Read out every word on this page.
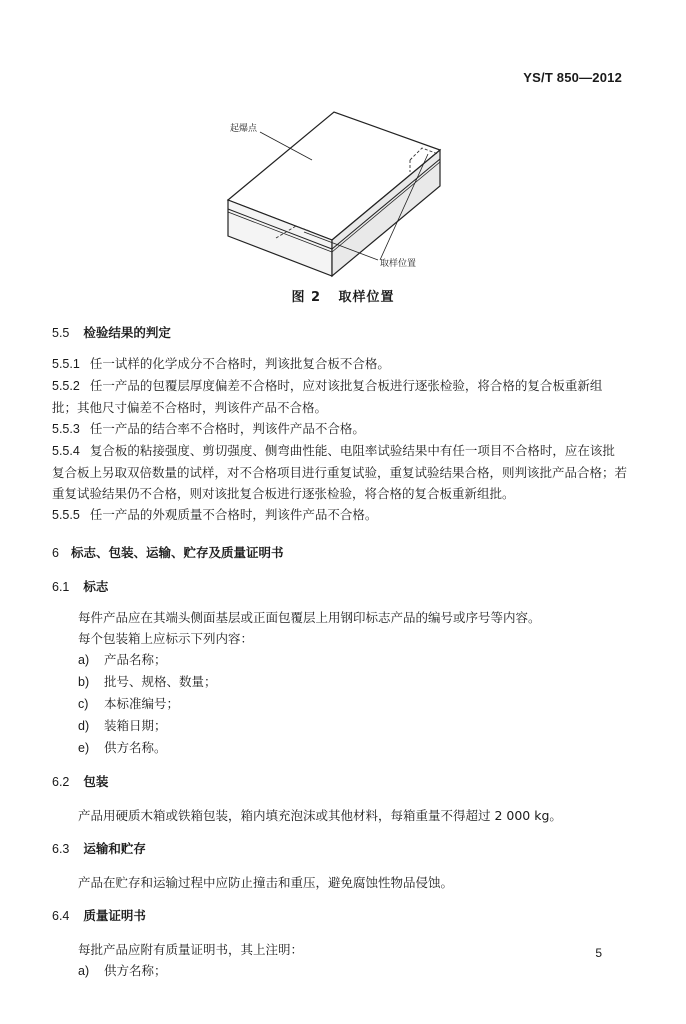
YS/T 850—2012
起爆点
取样位置
图 2 取样位置

5.5 检验结果的判定

5.5.1 任一试样的化学成分不合格时，判该批复合板不合格。

5.5.2 任一产品的包覆层厚度偏差不合格时，应对该批复合板进行逐张检验，将合格的复合板重新组

批；其他尺寸偏差不合格时，判该件产品不合格。

5.5.3 任一产品的结合率不合格时，判该件产品不合格。

5.5.4 复合板的粘接强度、剪切强度、侧弯曲性能、电阻率试验结果中有任一项目不合格时，应在该批

复合板上另取双倍数量的试样，对不合格项目进行重复试验，重复试验结果合格，则判该批产品合格；若

重复试验结果仍不合格，则对该批复合板进行逐张检验，将合格的复合板重新组批。

5.5.5 任一产品的外观质量不合格时，判该件产品不合格。

6 标志、包装、运输、贮存及质量证明书

6.1 标志

每件产品应在其端头侧面基层或正面包覆层上用钢印标志产品的编号或序号等内容。

每个包装箱上应标示下列内容：

a) 产品名称；

b) 批号、规格、数量；

c) 本标准编号；

d) 装箱日期；

e) 供方名称。

6.2 包装

产品用硬质木箱或铁箱包装，箱内填充泡沫或其他材料，每箱重量不得超过 2 000 kg。

6.3 运输和贮存

产品在贮存和运输过程中应防止撞击和重压，避免腐蚀性物品侵蚀。

6.4 质量证明书

每批产品应附有质量证明书，其上注明：

a) 供方名称；

5
